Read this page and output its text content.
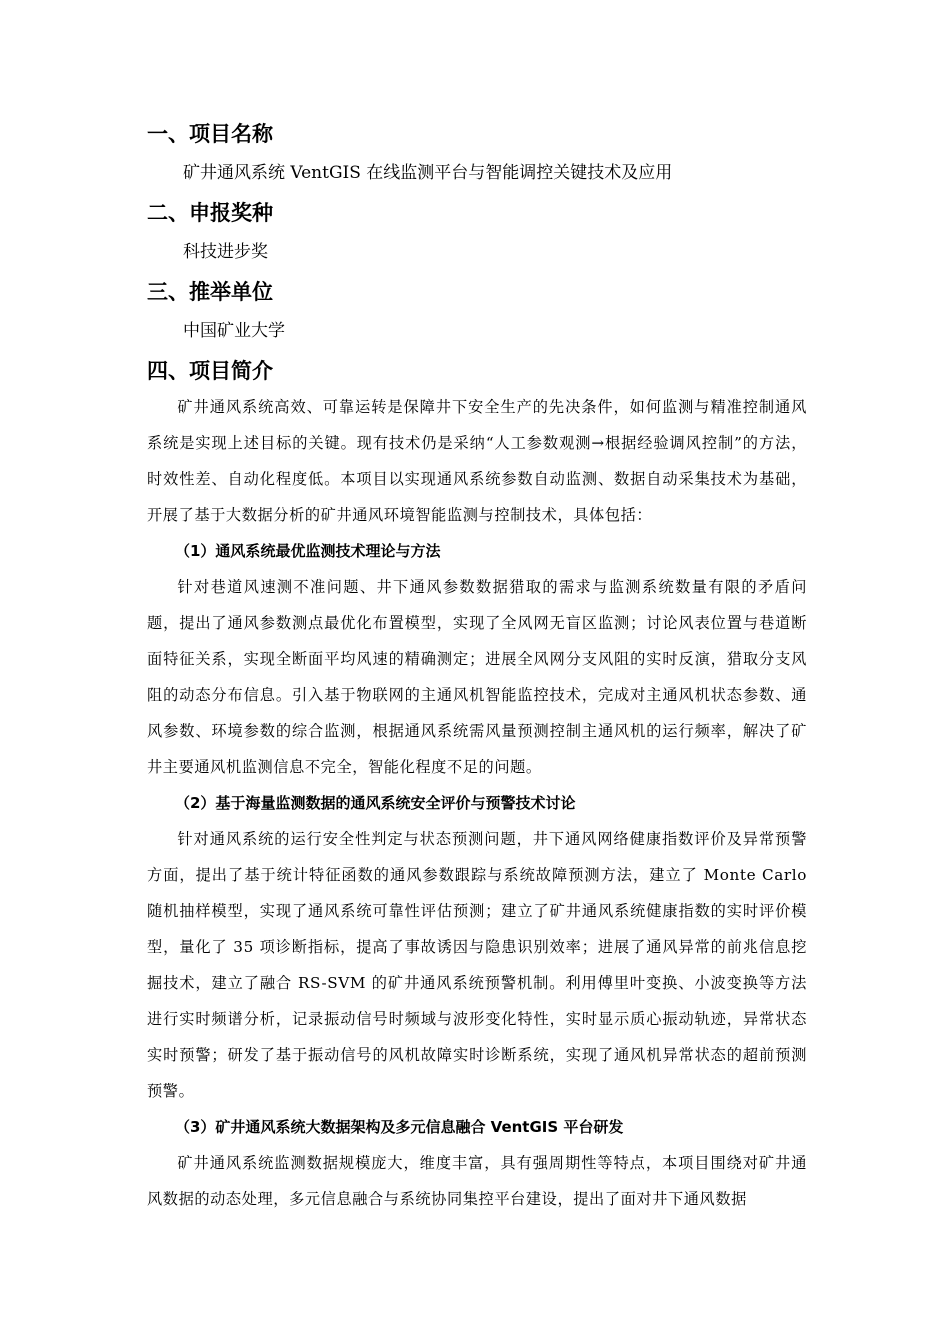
一、项目名称

矿井通风系统 VentGIS 在线监测平台与智能调控关键技术及应用

二、申报奖种

科技进步奖

三、推举单位

中国矿业大学

四、项目简介

矿井通风系统高效、可靠运转是保障井下安全生产的先决条件，如何监测与精准控制通风系统是实现上述目标的关键。现有技术仍是采纳“人工参数观测→根据经验调风控制”的方法，时效性差、自动化程度低。本项目以实现通风系统参数自动监测、数据自动采集技术为基础，开展了基于大数据分析的矿井通风环境智能监测与控制技术，具体包括：

（1）通风系统最优监测技术理论与方法

针对巷道风速测不准问题、井下通风参数数据猎取的需求与监测系统数量有限的矛盾问题，提出了通风参数测点最优化布置模型，实现了全风网无盲区监测；讨论风表位置与巷道断面特征关系，实现全断面平均风速的精确测定；进展全风网分支风阻的实时反演，猎取分支风阻的动态分布信息。引入基于物联网的主通风机智能监控技术，完成对主通风机状态参数、通风参数、环境参数的综合监测，根据通风系统需风量预测控制主通风机的运行频率，解决了矿井主要通风机监测信息不完全，智能化程度不足的问题。

（2）基于海量监测数据的通风系统安全评价与预警技术讨论

针对通风系统的运行安全性判定与状态预测问题，井下通风网络健康指数评价及异常预警方面，提出了基于统计特征函数的通风参数跟踪与系统故障预测方法，建立了 Monte Carlo 随机抽样模型，实现了通风系统可靠性评估预测；建立了矿井通风系统健康指数的实时评价模型，量化了 35 项诊断指标，提高了事故诱因与隐患识别效率；进展了通风异常的前兆信息挖掘技术，建立了融合 RS-SVM 的矿井通风系统预警机制。利用傅里叶变换、小波变换等方法进行实时频谱分析，记录振动信号时频域与波形变化特性，实时显示质心振动轨迹，异常状态实时预警；研发了基于振动信号的风机故障实时诊断系统，实现了通风机异常状态的超前预测预警。

（3）矿井通风系统大数据架构及多元信息融合 VentGIS 平台研发

矿井通风系统监测数据规模庞大，维度丰富，具有强周期性等特点，本项目围绕对矿井通风数据的动态处理，多元信息融合与系统协同集控平台建设，提出了面对井下通风数据
